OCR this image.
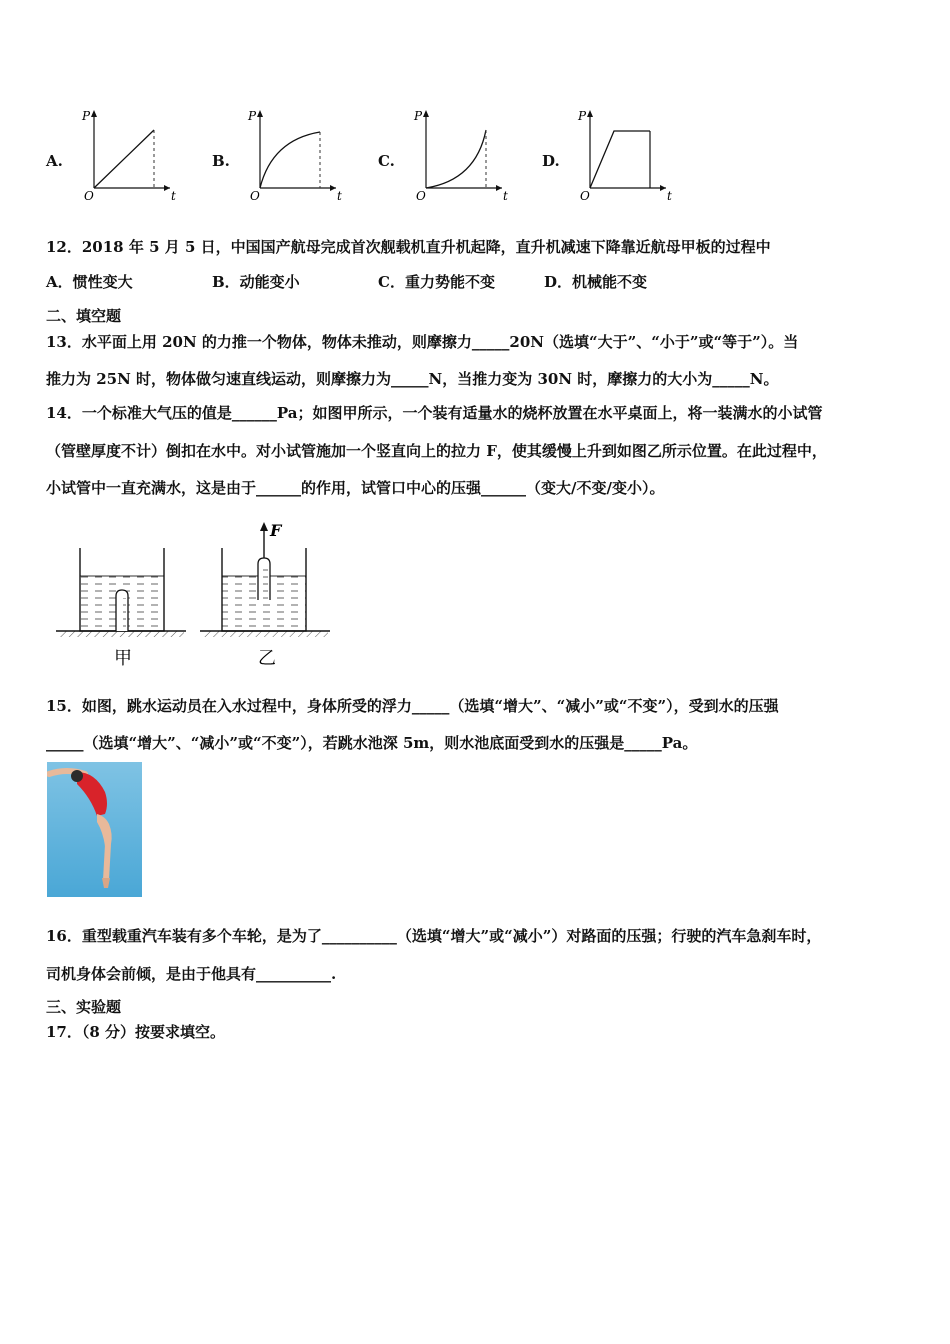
A.
P
O	t
B.
P
O	t
C.
P
O	t
D.
P
O	t
12．2018 年 5 月 5 日，中国国产航母完成首次舰载机直升机起降，直升机减速下降靠近航母甲板的过程中
A．惯性变大	B．动能变小	C．重力势能不变	D．机械能不变
二、填空题
13．水平面上用 20N 的力推一个物体，物体未推动，则摩擦力_____20N（选填“大于”、“小于”或“等于”）。当
推力为 25N 时，物体做匀速直线运动，则摩擦力为_____N，当推力变为 30N 时，摩擦力的大小为_____N。
14．一个标准大气压的值是______Pa；如图甲所示，一个装有适量水的烧杯放置在水平桌面上，将一装满水的小试管
（管壁厚度不计）倒扣在水中。对小试管施加一个竖直向上的拉力 F，使其缓慢上升到如图乙所示位置。在此过程中，
小试管中一直充满水，这是由于______的作用，试管口中心的压强______（变大/不变/变小）。
甲
F
乙
15．如图，跳水运动员在入水过程中，身体所受的浮力_____（选填“增大”、“减小”或“不变”），受到水的压强
_____（选填“增大”、“减小”或“不变”），若跳水池深 5m，则水池底面受到水的压强是_____Pa。
16．重型载重汽车装有多个车轮，是为了__________（选填“增大”或“减小”）对路面的压强；行驶的汽车急刹车时，
司机身体会前倾，是由于他具有__________.
三、实验题
17．（8 分）按要求填空。
